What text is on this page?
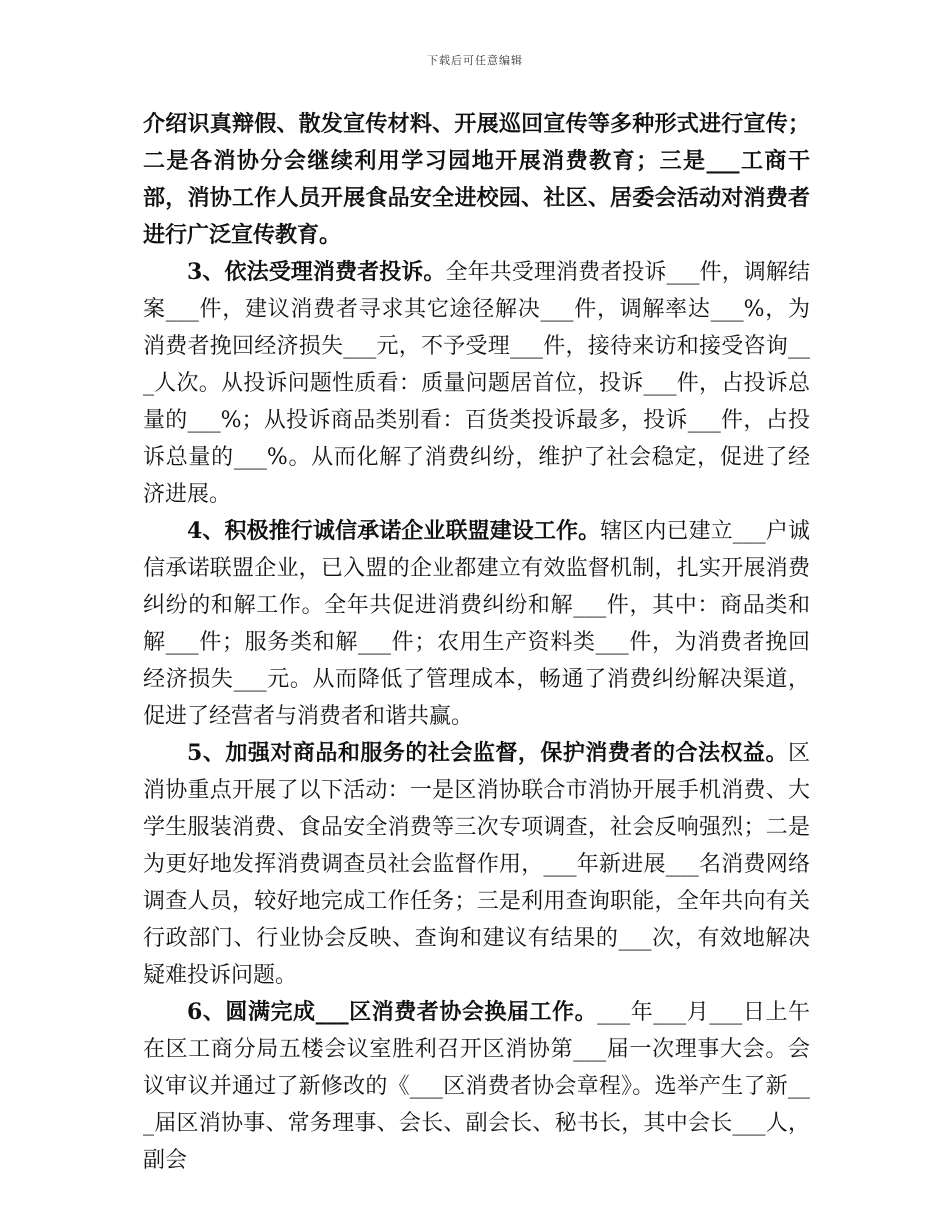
下载后可任意编辑

介绍识真辩假、散发宣传材料、开展巡回宣传等多种形式进行宣传；二是各消协分会继续利用学习园地开展消费教育；三是___工商干部，消协工作人员开展食品安全进校园、社区、居委会活动对消费者进行广泛宣传教育。

3、依法受理消费者投诉。全年共受理消费者投诉___件，调解结案___件，建议消费者寻求其它途径解决___件，调解率达___%，为消费者挽回经济损失___元，不予受理___件，接待来访和接受咨询___人次。从投诉问题性质看：质量问题居首位，投诉___件，占投诉总量的___%；从投诉商品类别看：百货类投诉最多，投诉___件，占投诉总量的___%。从而化解了消费纠纷，维护了社会稳定，促进了经济进展。

4、积极推行诚信承诺企业联盟建设工作。辖区内已建立___户诚信承诺联盟企业，已入盟的企业都建立有效监督机制，扎实开展消费纠纷的和解工作。全年共促进消费纠纷和解___件，其中：商品类和解___件；服务类和解___件；农用生产资料类___件，为消费者挽回经济损失___元。从而降低了管理成本，畅通了消费纠纷解决渠道，促进了经营者与消费者和谐共赢。

5、加强对商品和服务的社会监督，保护消费者的合法权益。区消协重点开展了以下活动：一是区消协联合市消协开展手机消费、大学生服装消费、食品安全消费等三次专项调查，社会反响强烈；二是为更好地发挥消费调查员社会监督作用，___年新进展___名消费网络调查人员，较好地完成工作任务；三是利用查询职能，全年共向有关行政部门、行业协会反映、查询和建议有结果的___次，有效地解决疑难投诉问题。

6、圆满完成___区消费者协会换届工作。___年___月___日上午在区工商分局五楼会议室胜利召开区消协第___届一次理事大会。会议审议并通过了新修改的《___区消费者协会章程》。选举产生了新___届区消协事、常务理事、会长、副会长、秘书长，其中会长___人，副会
